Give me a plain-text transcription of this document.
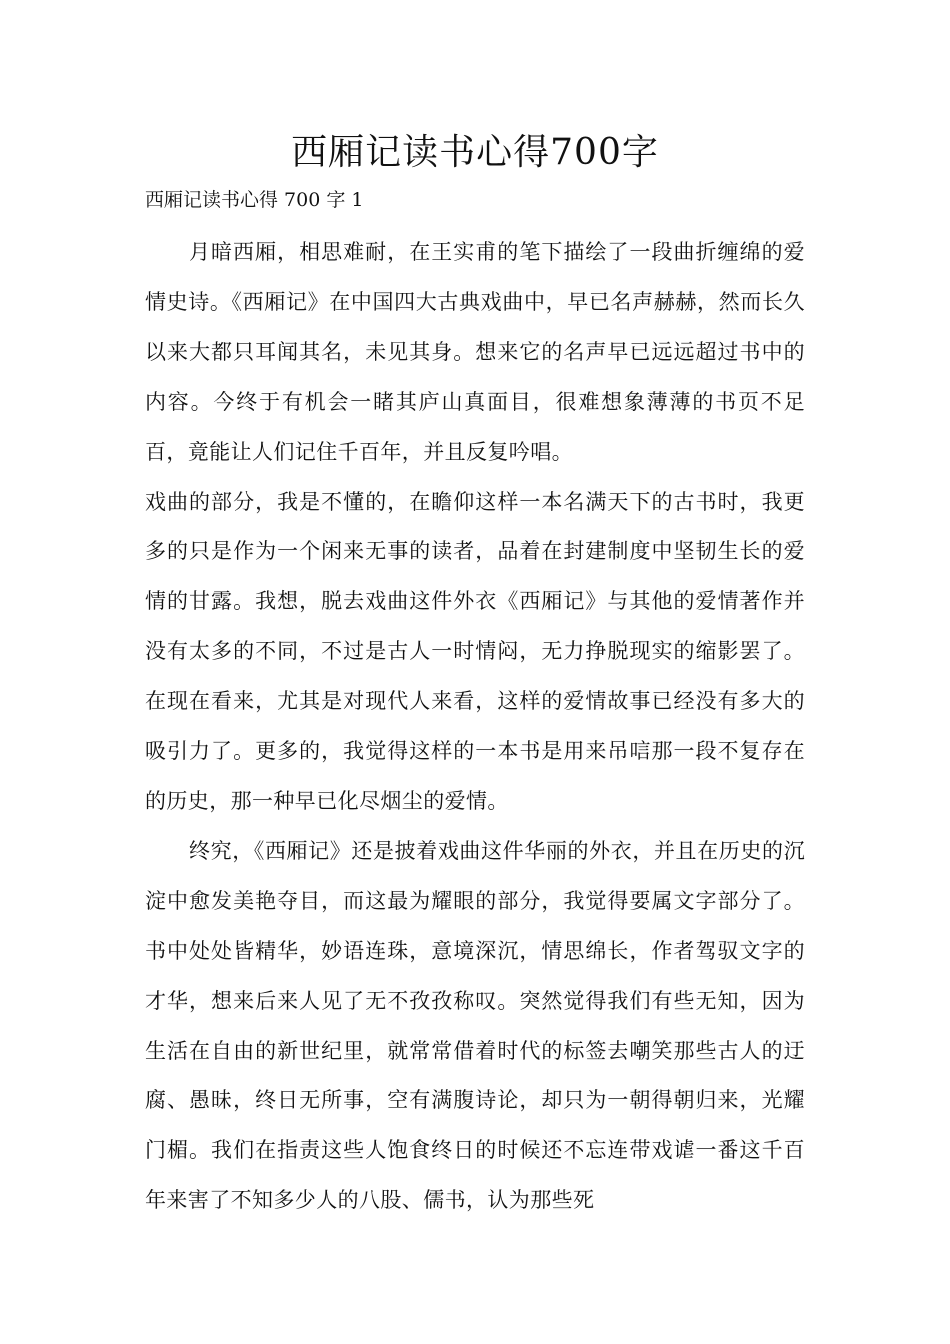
西厢记读书心得700字

西厢记读书心得 700 字 1

月暗西厢，相思难耐，在王实甫的笔下描绘了一段曲折缠绵的爱情史诗。《西厢记》在中国四大古典戏曲中，早已名声赫赫，然而长久以来大都只耳闻其名，未见其身。想来它的名声早已远远超过书中的内容。今终于有机会一睹其庐山真面目，很难想象薄薄的书页不足百，竟能让人们记住千百年，并且反复吟唱。

戏曲的部分，我是不懂的，在瞻仰这样一本名满天下的古书时，我更多的只是作为一个闲来无事的读者，品着在封建制度中坚韧生长的爱情的甘露。我想，脱去戏曲这件外衣《西厢记》与其他的爱情著作并没有太多的不同，不过是古人一时情闷，无力挣脱现实的缩影罢了。在现在看来，尤其是对现代人来看，这样的爱情故事已经没有多大的吸引力了。更多的，我觉得这样的一本书是用来吊唁那一段不复存在的历史，那一种早已化尽烟尘的爱情。

终究，《西厢记》还是披着戏曲这件华丽的外衣，并且在历史的沉淀中愈发美艳夺目，而这最为耀眼的部分，我觉得要属文字部分了。书中处处皆精华，妙语连珠，意境深沉，情思绵长，作者驾驭文字的才华，想来后来人见了无不孜孜称叹。突然觉得我们有些无知，因为生活在自由的新世纪里，就常常借着时代的标签去嘲笑那些古人的迂腐、愚昧，终日无所事，空有满腹诗论，却只为一朝得朝归来，光耀门楣。我们在指责这些人饱食终日的时候还不忘连带戏谑一番这千百年来害了不知多少人的八股、儒书，认为那些死
